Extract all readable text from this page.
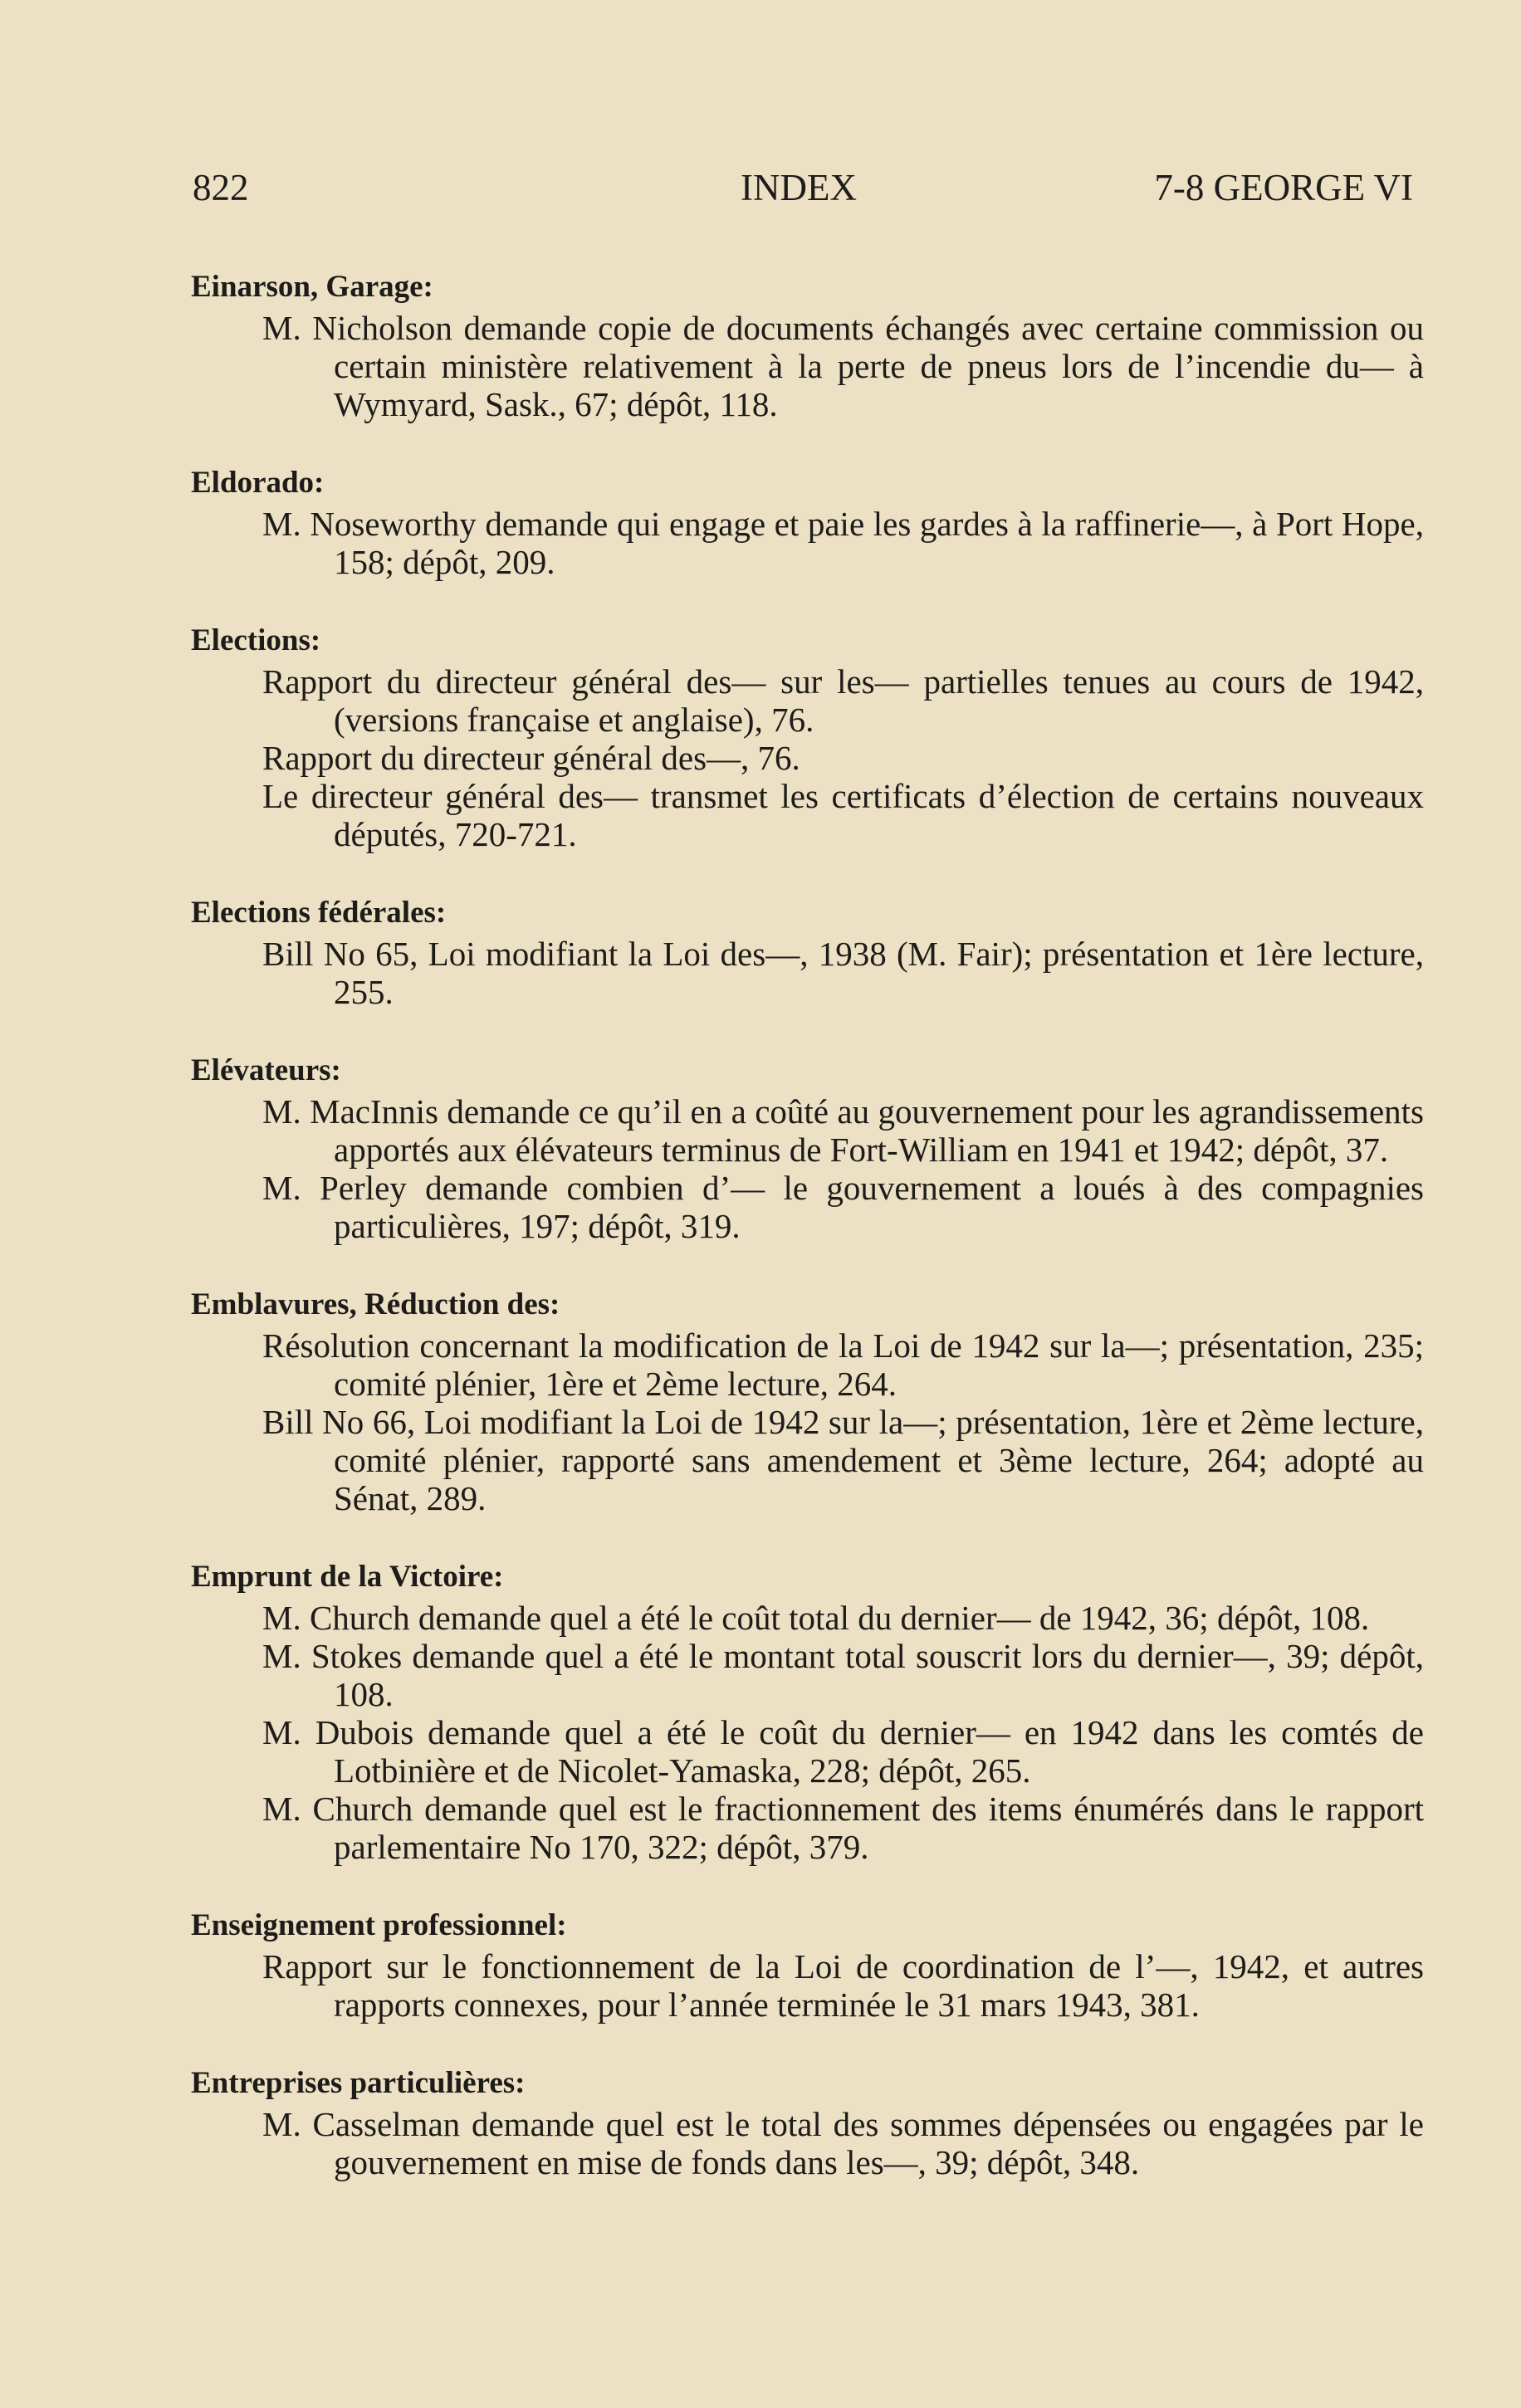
822	INDEX	7-8 GEORGE VI
Einarson, Garage:
M. Nicholson demande copie de documents échangés avec certaine commission ou certain ministère relativement à la perte de pneus lors de l’incendie du— à Wymyard, Sask., 67; dépôt, 118.
Eldorado:
M. Noseworthy demande qui engage et paie les gardes à la raffinerie—, à Port Hope, 158; dépôt, 209.
Elections:
Rapport du directeur général des— sur les— partielles tenues au cours de 1942, (versions française et anglaise), 76.
Rapport du directeur général des—, 76.
Le directeur général des— transmet les certificats d’élection de certains nouveaux députés, 720-721.
Elections fédérales:
Bill No 65, Loi modifiant la Loi des—, 1938 (M. Fair); présentation et 1ère lecture, 255.
Elévateurs:
M. MacInnis demande ce qu’il en a coûté au gouvernement pour les agrandissements apportés aux élévateurs terminus de Fort-William en 1941 et 1942; dépôt, 37.
M. Perley demande combien d’— le gouvernement a loués à des compagnies particulières, 197; dépôt, 319.
Emblavures, Réduction des:
Résolution concernant la modification de la Loi de 1942 sur la—; présentation, 235; comité plénier, 1ère et 2ème lecture, 264.
Bill No 66, Loi modifiant la Loi de 1942 sur la—; présentation, 1ère et 2ème lecture, comité plénier, rapporté sans amendement et 3ème lecture, 264; adopté au Sénat, 289.
Emprunt de la Victoire:
M. Church demande quel a été le coût total du dernier— de 1942, 36; dépôt, 108.
M. Stokes demande quel a été le montant total souscrit lors du dernier—, 39; dépôt, 108.
M. Dubois demande quel a été le coût du dernier— en 1942 dans les comtés de Lotbinière et de Nicolet-Yamaska, 228; dépôt, 265.
M. Church demande quel est le fractionnement des items énumérés dans le rapport parlementaire No 170, 322; dépôt, 379.
Enseignement professionnel:
Rapport sur le fonctionnement de la Loi de coordination de l’—, 1942, et autres rapports connexes, pour l’année terminée le 31 mars 1943, 381.
Entreprises particulières:
M. Casselman demande quel est le total des sommes dépensées ou engagées par le gouvernement en mise de fonds dans les—, 39; dépôt, 348.
